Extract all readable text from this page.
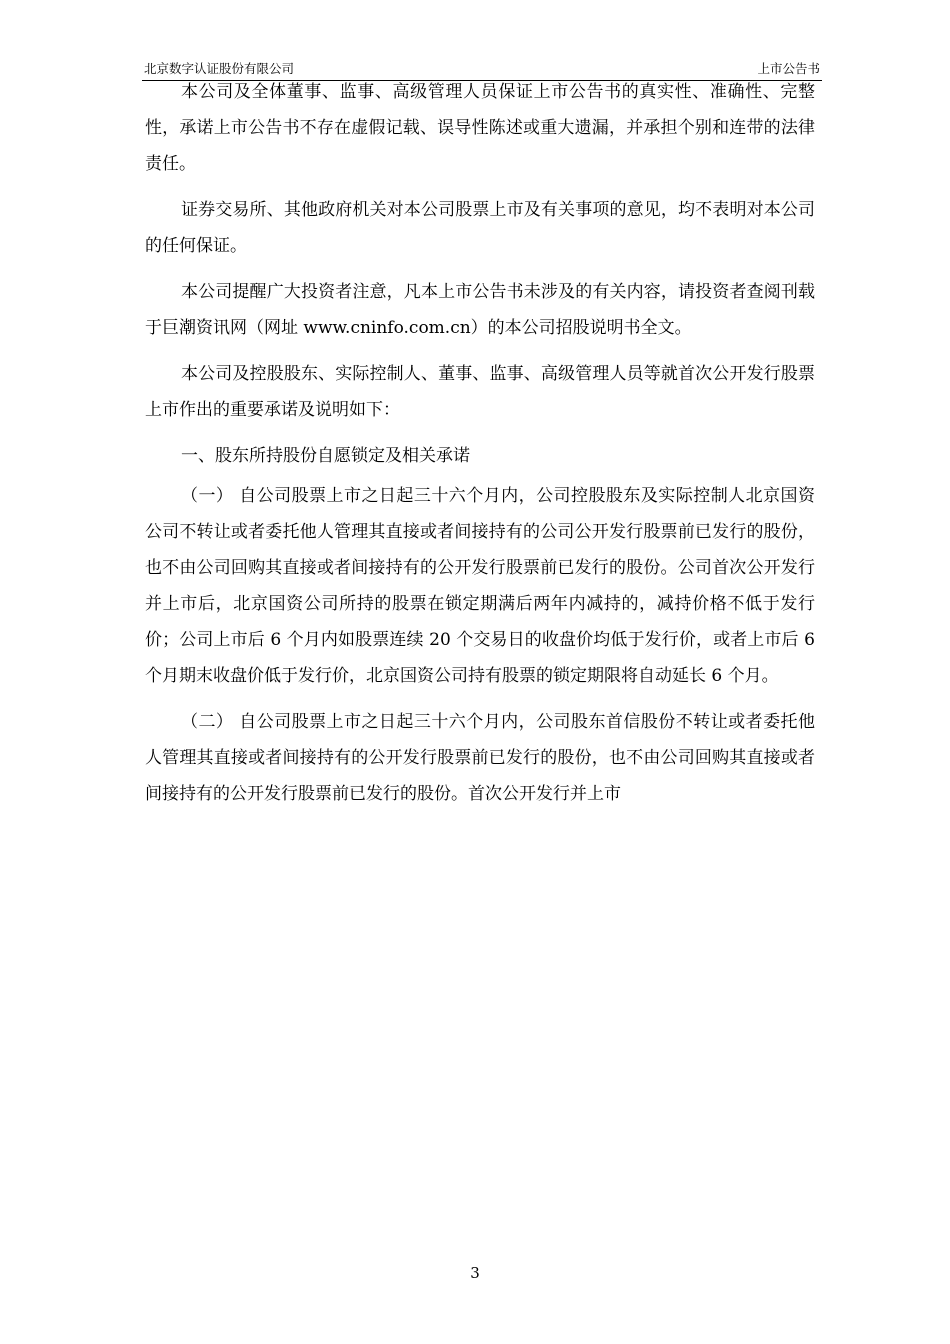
北京数字认证股份有限公司	上市公告书

本公司及全体董事、监事、高级管理人员保证上市公告书的真实性、准确性、完整性，承诺上市公告书不存在虚假记载、误导性陈述或重大遗漏，并承担个别和连带的法律责任。

证券交易所、其他政府机关对本公司股票上市及有关事项的意见，均不表明对本公司的任何保证。

本公司提醒广大投资者注意，凡本上市公告书未涉及的有关内容，请投资者查阅刊载于巨潮资讯网（网址 www.cninfo.com.cn）的本公司招股说明书全文。

本公司及控股股东、实际控制人、董事、监事、高级管理人员等就首次公开发行股票上市作出的重要承诺及说明如下：

一、股东所持股份自愿锁定及相关承诺

（一） 自公司股票上市之日起三十六个月内，公司控股股东及实际控制人北京国资公司不转让或者委托他人管理其直接或者间接持有的公司公开发行股票前已发行的股份，也不由公司回购其直接或者间接持有的公开发行股票前已发行的股份。公司首次公开发行并上市后，北京国资公司所持的股票在锁定期满后两年内减持的，减持价格不低于发行价；公司上市后 6 个月内如股票连续 20 个交易日的收盘价均低于发行价，或者上市后 6 个月期末收盘价低于发行价，北京国资公司持有股票的锁定期限将自动延长 6 个月。

（二） 自公司股票上市之日起三十六个月内，公司股东首信股份不转让或者委托他人管理其直接或者间接持有的公开发行股票前已发行的股份，也不由公司回购其直接或者间接持有的公开发行股票前已发行的股份。首次公开发行并上市

3
